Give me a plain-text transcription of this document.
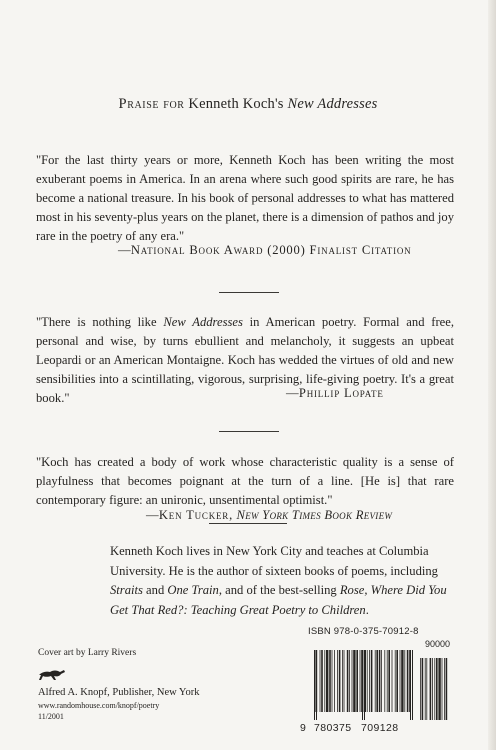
Praise for Kenneth Koch's New Addresses
"For the last thirty years or more, Kenneth Koch has been writing the most exuberant poems in America. In an arena where such good spirits are rare, he has become a national treasure. In his book of personal addresses to what has mattered most in his seventy-plus years on the planet, there is a dimension of pathos and joy rare in the poetry of any era."
—National Book Award (2000) Finalist Citation
"There is nothing like New Addresses in American poetry. Formal and free, personal and wise, by turns ebullient and melancholy, it suggests an upbeat Leopardi or an American Montaigne. Koch has wedded the virtues of old and new sensibilities into a scintillating, vigorous, surprising, life-giving poetry. It's a great book."	—Phillip Lopate
"Koch has created a body of work whose characteristic quality is a sense of playfulness that becomes poignant at the turn of a line. [He is] that rare contemporary figure: an unironic, unsentimental optimist."
—Ken Tucker, New York Times Book Review
Kenneth Koch lives in New York City and teaches at Columbia University. He is the author of sixteen books of poems, including Straits and One Train, and of the best-selling Rose, Where Did You Get That Red?: Teaching Great Poetry to Children.
Cover art by Larry Rivers
Alfred A. Knopf, Publisher, New York
www.randomhouse.com/knopf/poetry
11/2001
ISBN 978-0-375-70912-8
90000
9 780375 709128
